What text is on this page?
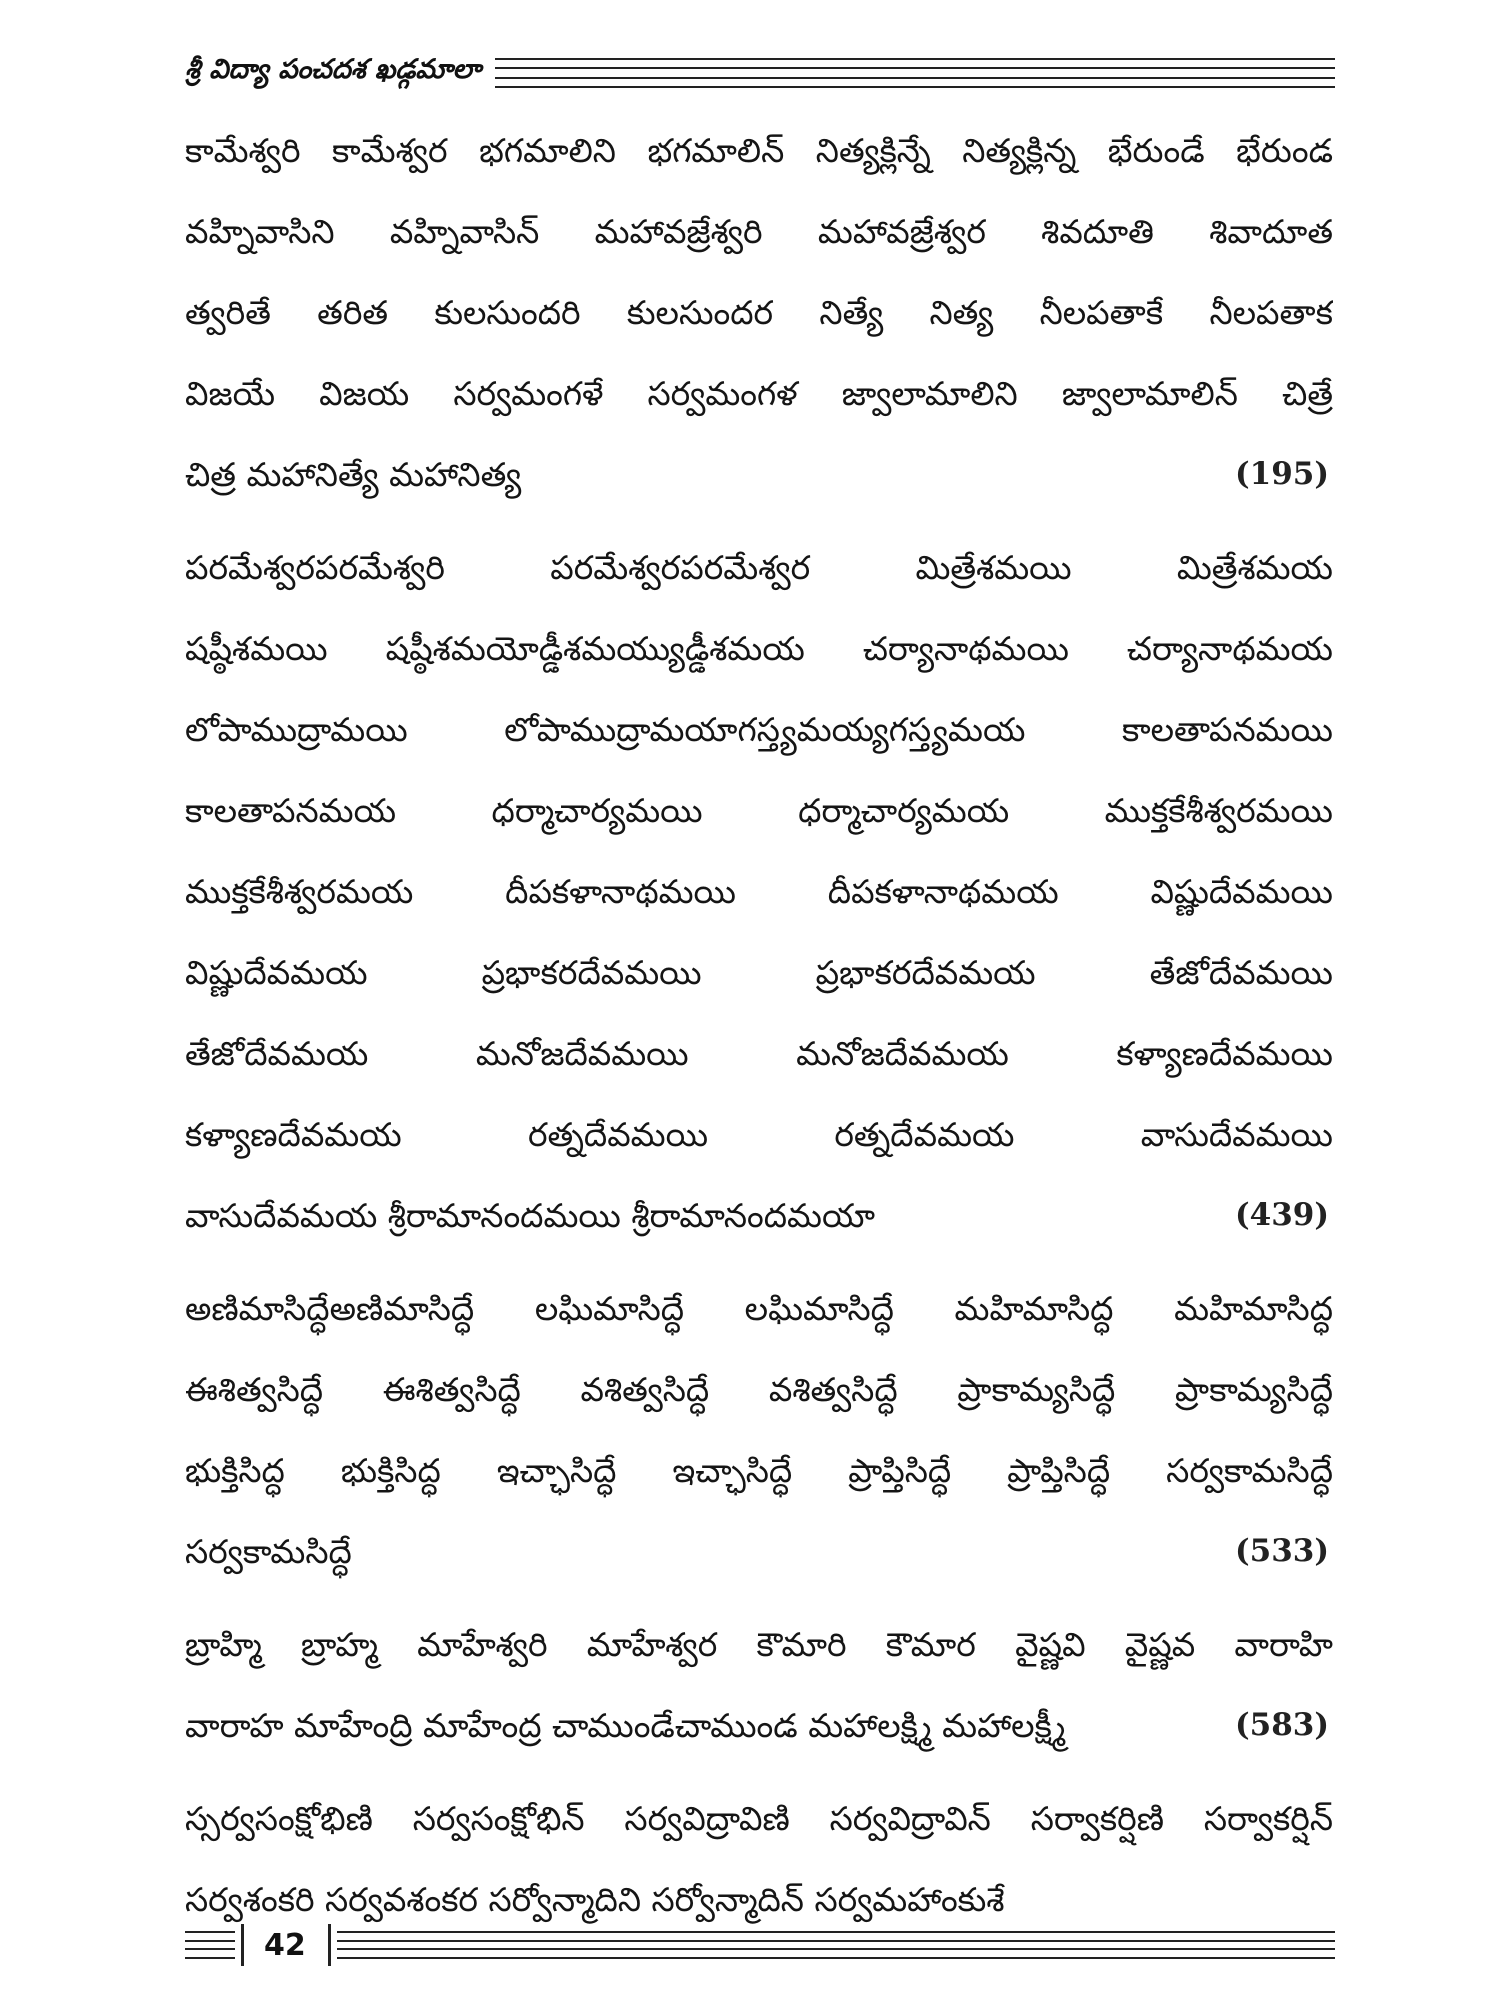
శ్రీ విద్యా పంచదశ ఖడ్గమాలా
కామేశ్వరి కామేశ్వర భగమాలిని భగమాలిన్ నిత్యక్లిన్నే నిత్యక్లిన్న భేరుండే భేరుండ
వహ్నివాసిని వహ్నివాసిన్ మహావజ్రేశ్వరి మహావజ్రేశ్వర శివదూతి శివాదూత
త్వరితే తరిత కులసుందరి కులసుందర నిత్యే నిత్య నీలపతాకే నీలపతాక
విజయే విజయ సర్వమంగళే సర్వమంగళ జ్వాలామాలిని జ్వాలామాలిన్ చిత్రే
చిత్ర మహానిత్యే మహానిత్య	(195)
పరమేశ్వరపరమేశ్వరి పరమేశ్వరపరమేశ్వర మిత్రేశమయి మిత్రేశమయ
షష్ఠీశమయి షష్ఠీశమయోడ్డీశమయ్యుడ్డీశమయ చర్యానాథమయి చర్యానాథమయ
లోపాముద్రామయి లోపాముద్రామయాగస్త్యమయ్యగస్త్యమయ కాలతాపనమయి
కాలతాపనమయ ధర్మాచార్యమయి ధర్మాచార్యమయ ముక్తకేశీశ్వరమయి
ముక్తకేశీశ్వరమయ దీపకళానాథమయి దీపకళానాథమయ విష్ణుదేవమయి
విష్ణుదేవమయ ప్రభాకరదేవమయి ప్రభాకరదేవమయ తేజోదేవమయి
తేజోదేవమయ మనోజదేవమయి మనోజదేవమయ కళ్యాణదేవమయి
కళ్యాణదేవమయ రత్నదేవమయి రత్నదేవమయ వాసుదేవమయి
వాసుదేవమయ శ్రీరామానందమయి శ్రీరామానందమయా	(439)
అణిమాసిద్ధేఅణిమాసిద్ధే లఘిమాసిద్ధే లఘిమాసిద్ధే మహిమాసిద్ధ మహిమాసిద్ధ
ఈశిత్వసిద్ధే ఈశిత్వసిద్ధే వశిత్వసిద్ధే వశిత్వసిద్ధే ప్రాకామ్యసిద్ధే ప్రాకామ్యసిద్ధే
భుక్తిసిద్ధ భుక్తిసిద్ధ ఇచ్ఛాసిద్ధే ఇచ్ఛాసిద్ధే ప్రాప్తిసిద్ధే ప్రాప్తిసిద్ధే సర్వకామసిద్ధే
సర్వకామసిద్ధే	(533)
బ్రాహ్మి బ్రాహ్మ మాహేశ్వరి మాహేశ్వర కౌమారి కౌమార వైష్ణవి వైష్ణవ వారాహి
వారాహ మాహేంద్రి మాహేంద్ర చాముండేచాముండ మహాలక్ష్మి మహాలక్ష్మీ	(583)
స్సర్వసంక్షోభిణి సర్వసంక్షోభిన్ సర్వవిద్రావిణి సర్వవిద్రావిన్ సర్వాకర్షిణి సర్వాకర్షిన్
సర్వశంకరి సర్వవశంకర సర్వోన్మాదిని సర్వోన్మాదిన్ సర్వమహాంకుశే
42
